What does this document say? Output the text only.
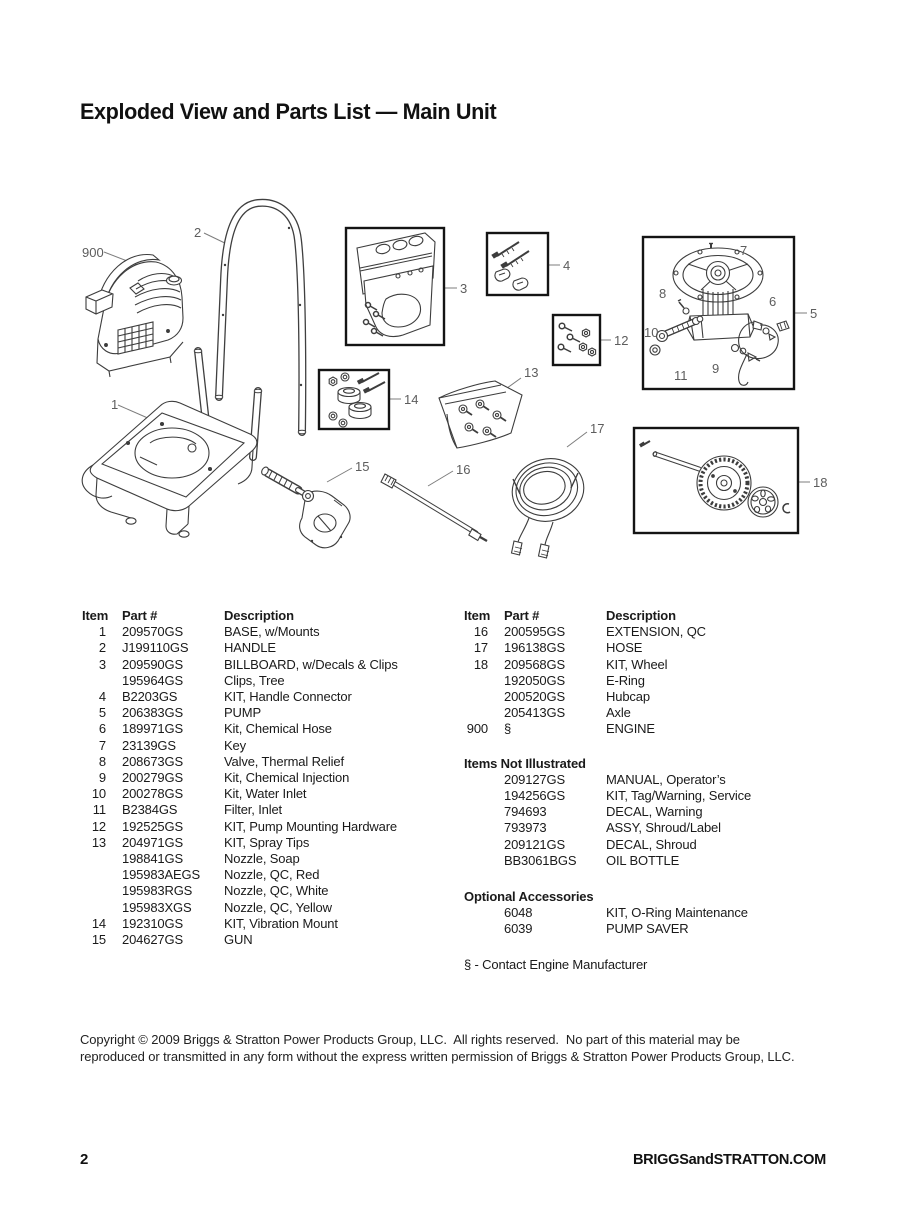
Exploded View and Parts List — Main Unit
900
2
1
3
4
12
5
7
8
6
10
9
11
14
13
15	16
17
18
Item Part #	Description
1 209570GS	BASE, w/Mounts
2 J199110GS	HANDLE
3 209590GS	BILLBOARD, w/Decals & Clips
195964GS	Clips, Tree
4 B2203GS	KIT, Handle Connector
5 206383GS	PUMP
6 189971GS	Kit, Chemical Hose
7 23139GS	Key
8 208673GS	Valve, Thermal Relief
9 200279GS	Kit, Chemical Injection
10 200278GS	Kit, Water Inlet
11 B2384GS	Filter, Inlet
12 192525GS	KIT, Pump Mounting Hardware
13 204971GS	KIT, Spray Tips
198841GS	Nozzle, Soap
195983AEGS	Nozzle, QC, Red
195983RGS	Nozzle, QC, White
195983XGS	Nozzle, QC, Yellow
14 192310GS	KIT, Vibration Mount
15 204627GS	GUN
Item Part #	Description
16 200595GS	EXTENSION, QC
17 196138GS	HOSE
18 209568GS	KIT, Wheel
192050GS	E-Ring
200520GS	Hubcap
205413GS	Axle
900 §	ENGINE
Items Not Illustrated
209127GS	MANUAL, Operator’s
194256GS	KIT, Tag/Warning, Service
794693	DECAL, Warning
793973	ASSY, Shroud/Label
209121GS	DECAL, Shroud
BB3061BGS	OIL BOTTLE
Optional Accessories
6048	KIT, O-Ring Maintenance
6039	PUMP SAVER
§ - Contact Engine Manufacturer
Copyright © 2009 Briggs & Stratton Power Products Group, LLC.  All rights reserved.  No part of this material may be
reproduced or transmitted in any form without the express written permission of Briggs & Stratton Power Products Group, LLC.
2	BRIGGSandSTRATTON.COM
